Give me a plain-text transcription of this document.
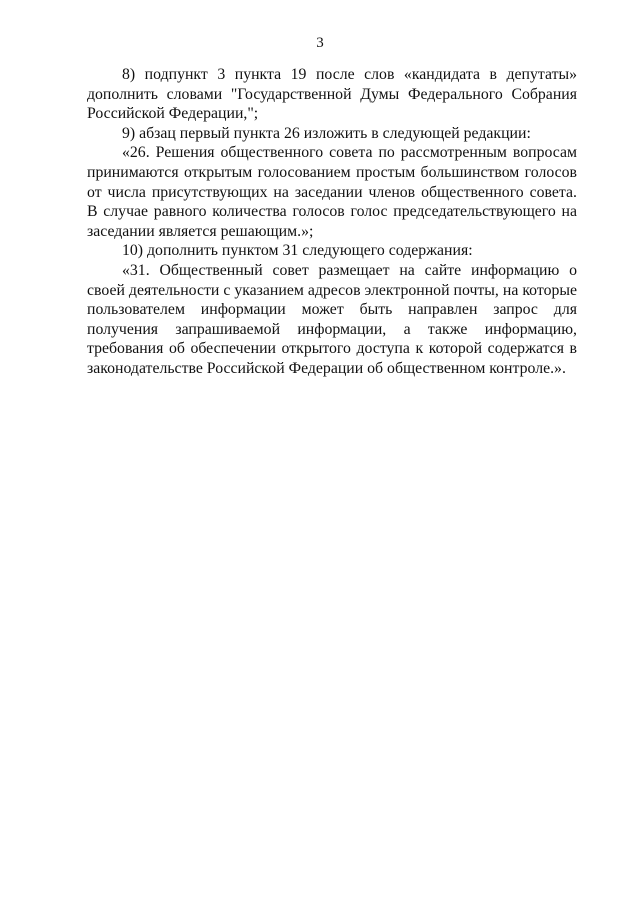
3

8) подпункт 3 пункта 19 после слов «кандидата в депутаты» дополнить словами "Государственной Думы Федерального Собрания Российской Федерации,";

9) абзац первый пункта 26 изложить в следующей редакции:

«26. Решения общественного совета по рассмотренным вопросам принимаются открытым голосованием простым большинством голосов от числа присутствующих на заседании членов общественного совета. В случае равного количества голосов голос председательствующего на заседании является решающим.»;

10) дополнить пунктом 31 следующего содержания:

«31. Общественный совет размещает на сайте информацию о своей деятельности с указанием адресов электронной почты, на которые пользователем информации может быть направлен запрос для получения запрашиваемой информации, а также информацию, требования об обеспечении открытого доступа к которой содержатся в законодательстве Российской Федерации об общественном контроле.».
